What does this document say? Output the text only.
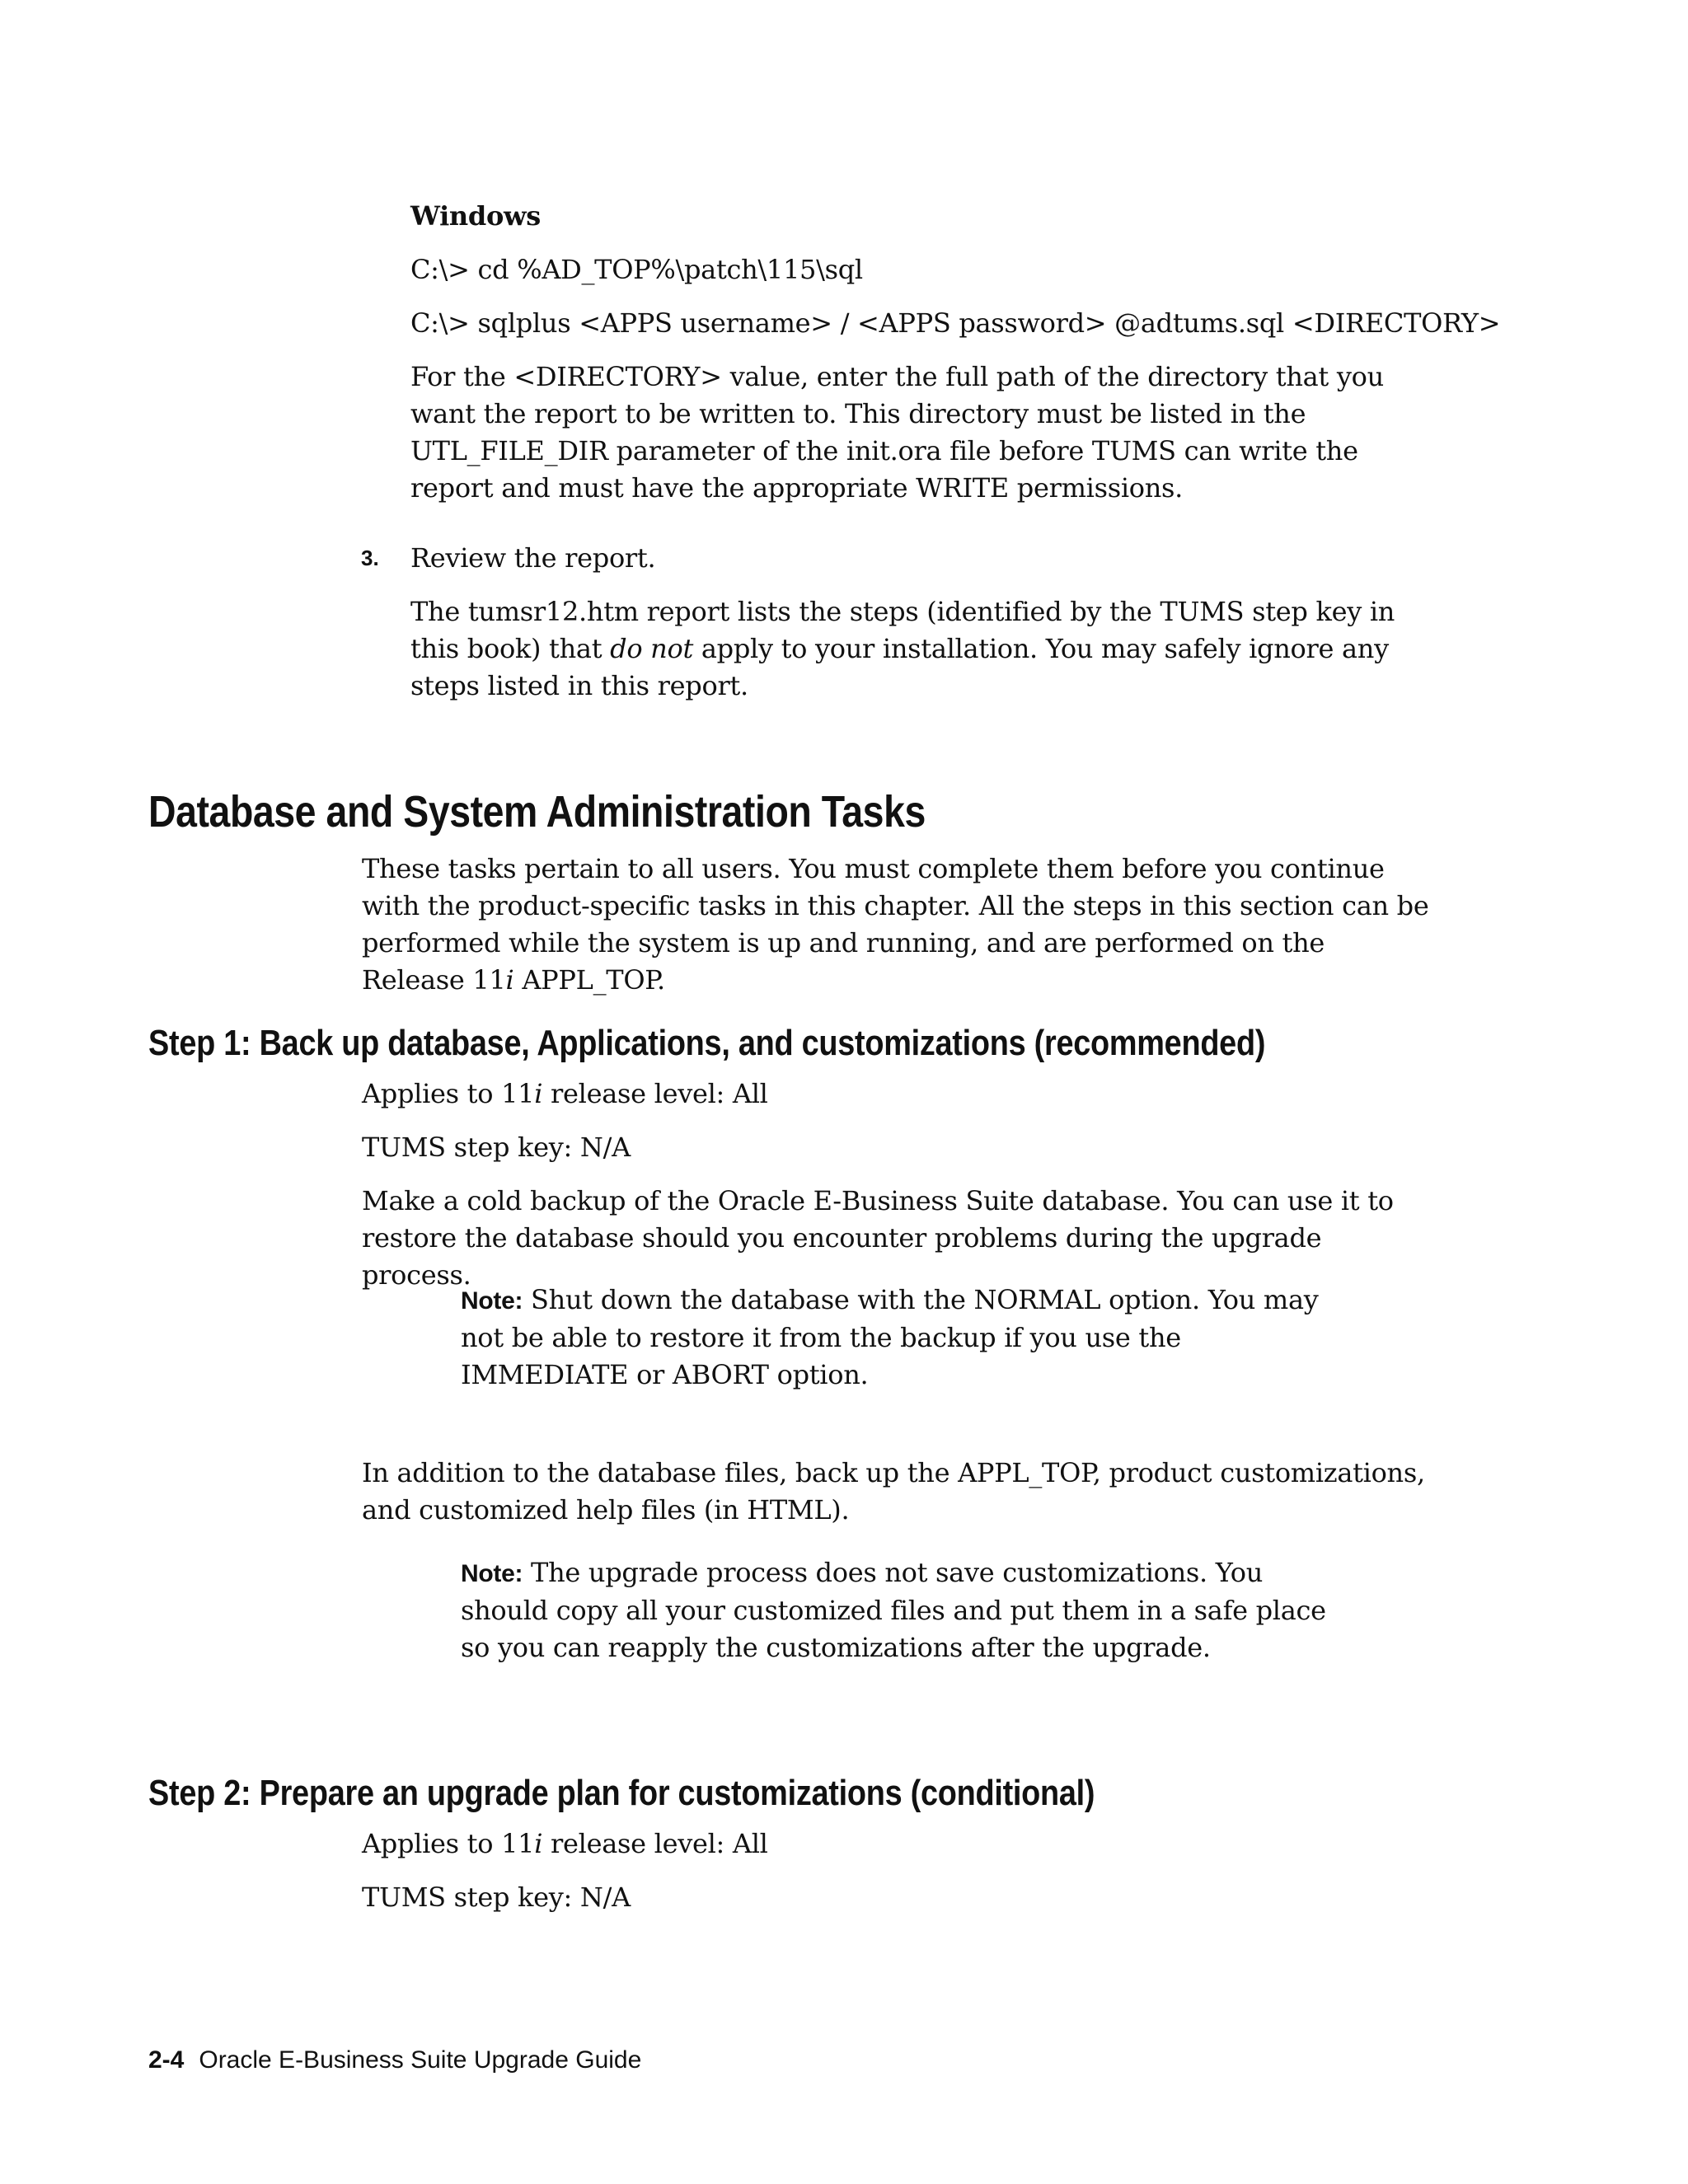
Windows
C:\> cd %AD_TOP%\patch\115\sql
C:\> sqlplus <APPS username> / <APPS password> @adtums.sql <DIRECTORY>

For the <DIRECTORY> value, enter the full path of the directory that you want the report to be written to. This directory must be listed in the UTL_FILE_DIR parameter of the init.ora file before TUMS can write the report and must have the appropriate WRITE permissions.

3. Review the report.

The tumsr12.htm report lists the steps (identified by the TUMS step key in this book) that do not apply to your installation. You may safely ignore any steps listed in this report.

Database and System Administration Tasks

These tasks pertain to all users. You must complete them before you continue with the product-specific tasks in this chapter. All the steps in this section can be performed while the system is up and running, and are performed on the Release 11i APPL_TOP.

Step 1: Back up database, Applications, and customizations (recommended)

Applies to 11i release level: All

TUMS step key: N/A

Make a cold backup of the Oracle E-Business Suite database. You can use it to restore the database should you encounter problems during the upgrade process.

Note: Shut down the database with the NORMAL option. You may not be able to restore it from the backup if you use the IMMEDIATE or ABORT option.

In addition to the database files, back up the APPL_TOP, product customizations, and customized help files (in HTML).

Note: The upgrade process does not save customizations. You should copy all your customized files and put them in a safe place so you can reapply the customizations after the upgrade.

Step 2: Prepare an upgrade plan for customizations (conditional)

Applies to 11i release level: All

TUMS step key: N/A
2-4 Oracle E-Business Suite Upgrade Guide
